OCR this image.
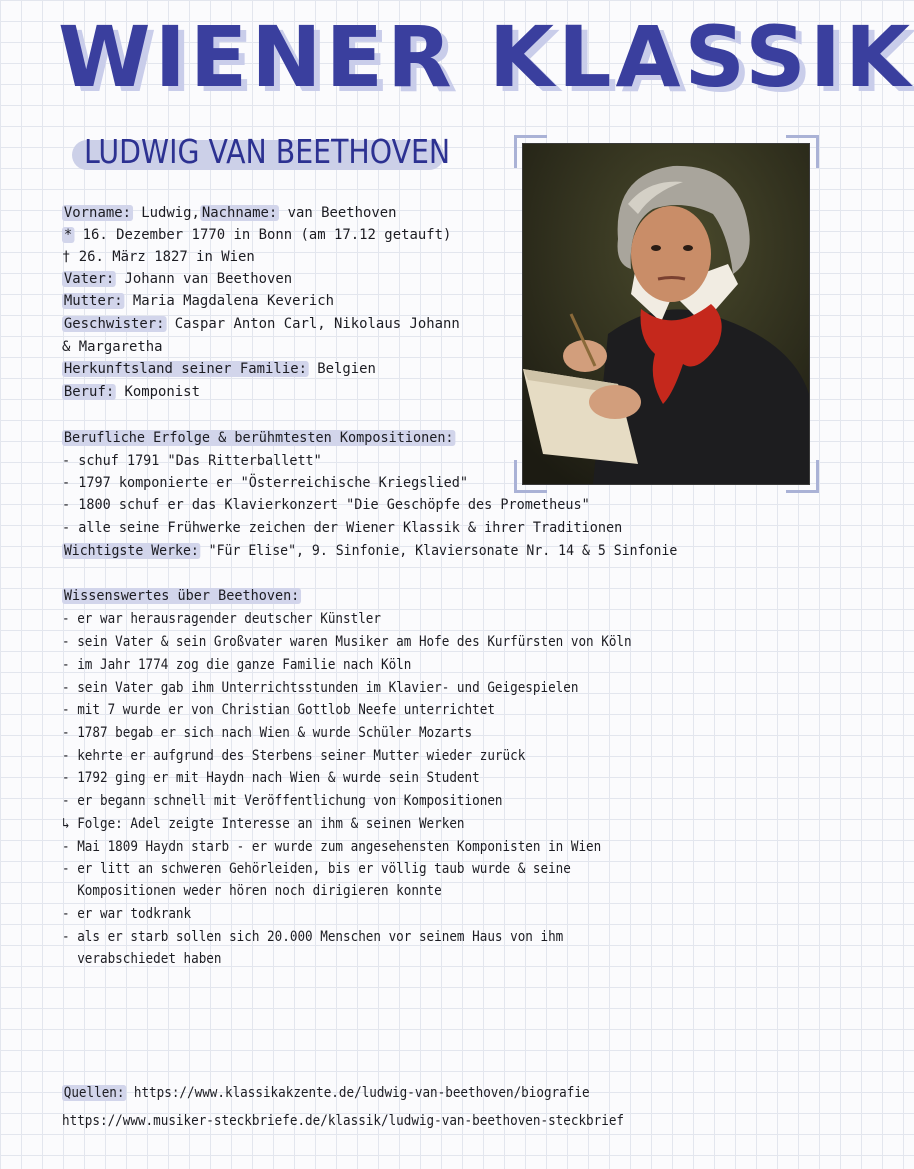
WIENER KLASSIK
LUDWIG VAN BEETHOVEN
Vorname: Ludwig, Nachname: van Beethoven
* 16. Dezember 1770 in Bonn (am 17.12 getauft)
† 26. März 1827 in Wien
Vater: Johann van Beethoven
Mutter: Maria Magdalena Keverich
Geschwister: Caspar Anton Carl, Nikolaus Johann
& Margaretha
Herkunftsland seiner Familie: Belgien
Beruf: Komponist
Berufliche Erfolge & berühmtesten Kompositionen:
- schuf 1791 "Das Ritterballett"
- 1797 komponierte er "Österreichische Kriegslied"
- 1800 schuf er das Klavierkonzert "Die Geschöpfe des Prometheus"
- alle seine Frühwerke zeichen der Wiener Klassik & ihrer Traditionen
Wichtigste Werke: "Für Elise", 9. Sinfonie, Klaviersonate Nr. 14 & 5 Sinfonie
Wissenswertes über Beethoven:
- er war herausragender deutscher Künstler
- sein Vater & sein Großvater waren Musiker am Hofe des Kurfürsten von Köln
- im Jahr 1774 zog die ganze Familie nach Köln
- sein Vater gab ihm Unterrichtsstunden im Klavier- und Geigespielen
- mit 7 wurde er von Christian Gottlob Neefe unterrichtet
- 1787 begab er sich nach Wien & wurde Schüler Mozarts
- kehrte er aufgrund des Sterbens seiner Mutter wieder zurück
- 1792 ging er mit Haydn nach Wien & wurde sein Student
- er begann schnell mit Veröffentlichung von Kompositionen
↳ Folge: Adel zeigte Interesse an ihm & seinen Werken
- Mai 1809 Haydn starb - er wurde zum angesehensten Komponisten in Wien
- er litt an schweren Gehörleiden, bis er völlig taub wurde & seine
Kompositionen weder hören noch dirigieren konnte
- er war todkrank
- als er starb sollen sich 20.000 Menschen vor seinem Haus von ihm
verabschiedet haben
Quellen: https://www.klassikakzente.de/ludwig-van-beethoven/biografie
https://www.musiker-steckbriefe.de/klassik/ludwig-van-beethoven-steckbrief
